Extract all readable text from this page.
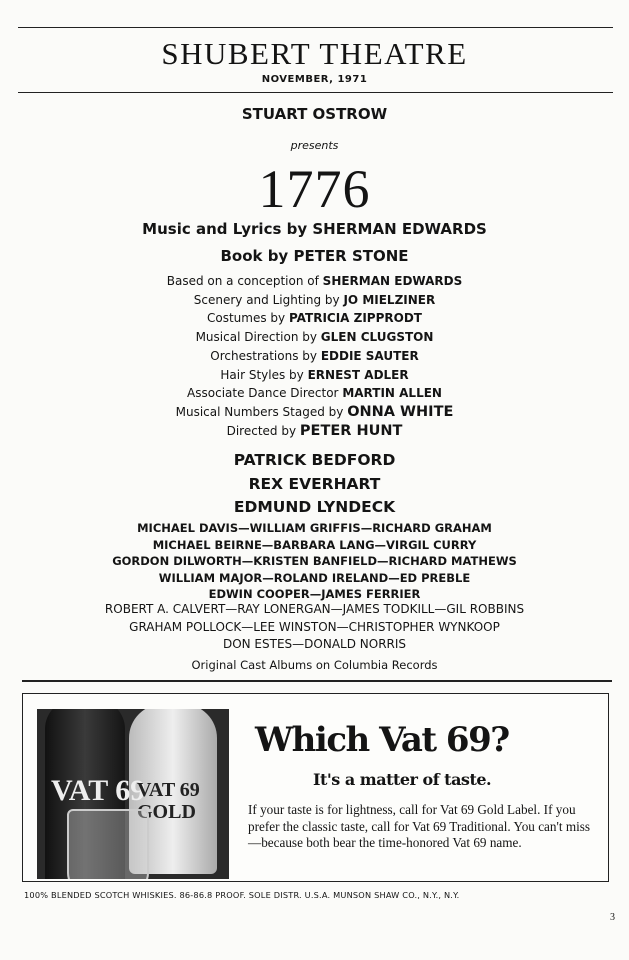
SHUBERT THEATRE
NOVEMBER, 1971
STUART OSTROW
presents
1776
Music and Lyrics by SHERMAN EDWARDS
Book by PETER STONE
Based on a conception of SHERMAN EDWARDS
Scenery and Lighting by JO MIELZINER
Costumes by PATRICIA ZIPPRODT
Musical Direction by GLEN CLUGSTON
Orchestrations by EDDIE SAUTER
Hair Styles by ERNEST ADLER
Associate Dance Director MARTIN ALLEN
Musical Numbers Staged by ONNA WHITE
Directed by PETER HUNT
PATRICK BEDFORD
REX EVERHART
EDMUND LYNDECK
MICHAEL DAVIS—WILLIAM GRIFFIS—RICHARD GRAHAM
MICHAEL BEIRNE—BARBARA LANG—VIRGIL CURRY
GORDON DILWORTH—KRISTEN BANFIELD—RICHARD MATHEWS
WILLIAM MAJOR—ROLAND IRELAND—ED PREBLE
EDWIN COOPER—JAMES FERRIER
ROBERT A. CALVERT—RAY LONERGAN—JAMES TODKILL—GIL ROBBINS
GRAHAM POLLOCK—LEE WINSTON—CHRISTOPHER WYNKOOP
DON ESTES—DONALD NORRIS
Original Cast Albums on Columbia Records
VAT 69
VAT 69 GOLD
Which Vat 69?
It's a matter of taste.
If your taste is for lightness, call for Vat 69 Gold Label. If you prefer the classic taste, call for Vat 69 Traditional. You can't miss—because both bear the time-honored Vat 69 name.
100% BLENDED SCOTCH WHISKIES. 86-86.8 PROOF. SOLE DISTR. U.S.A. MUNSON SHAW CO., N.Y., N.Y.
3
